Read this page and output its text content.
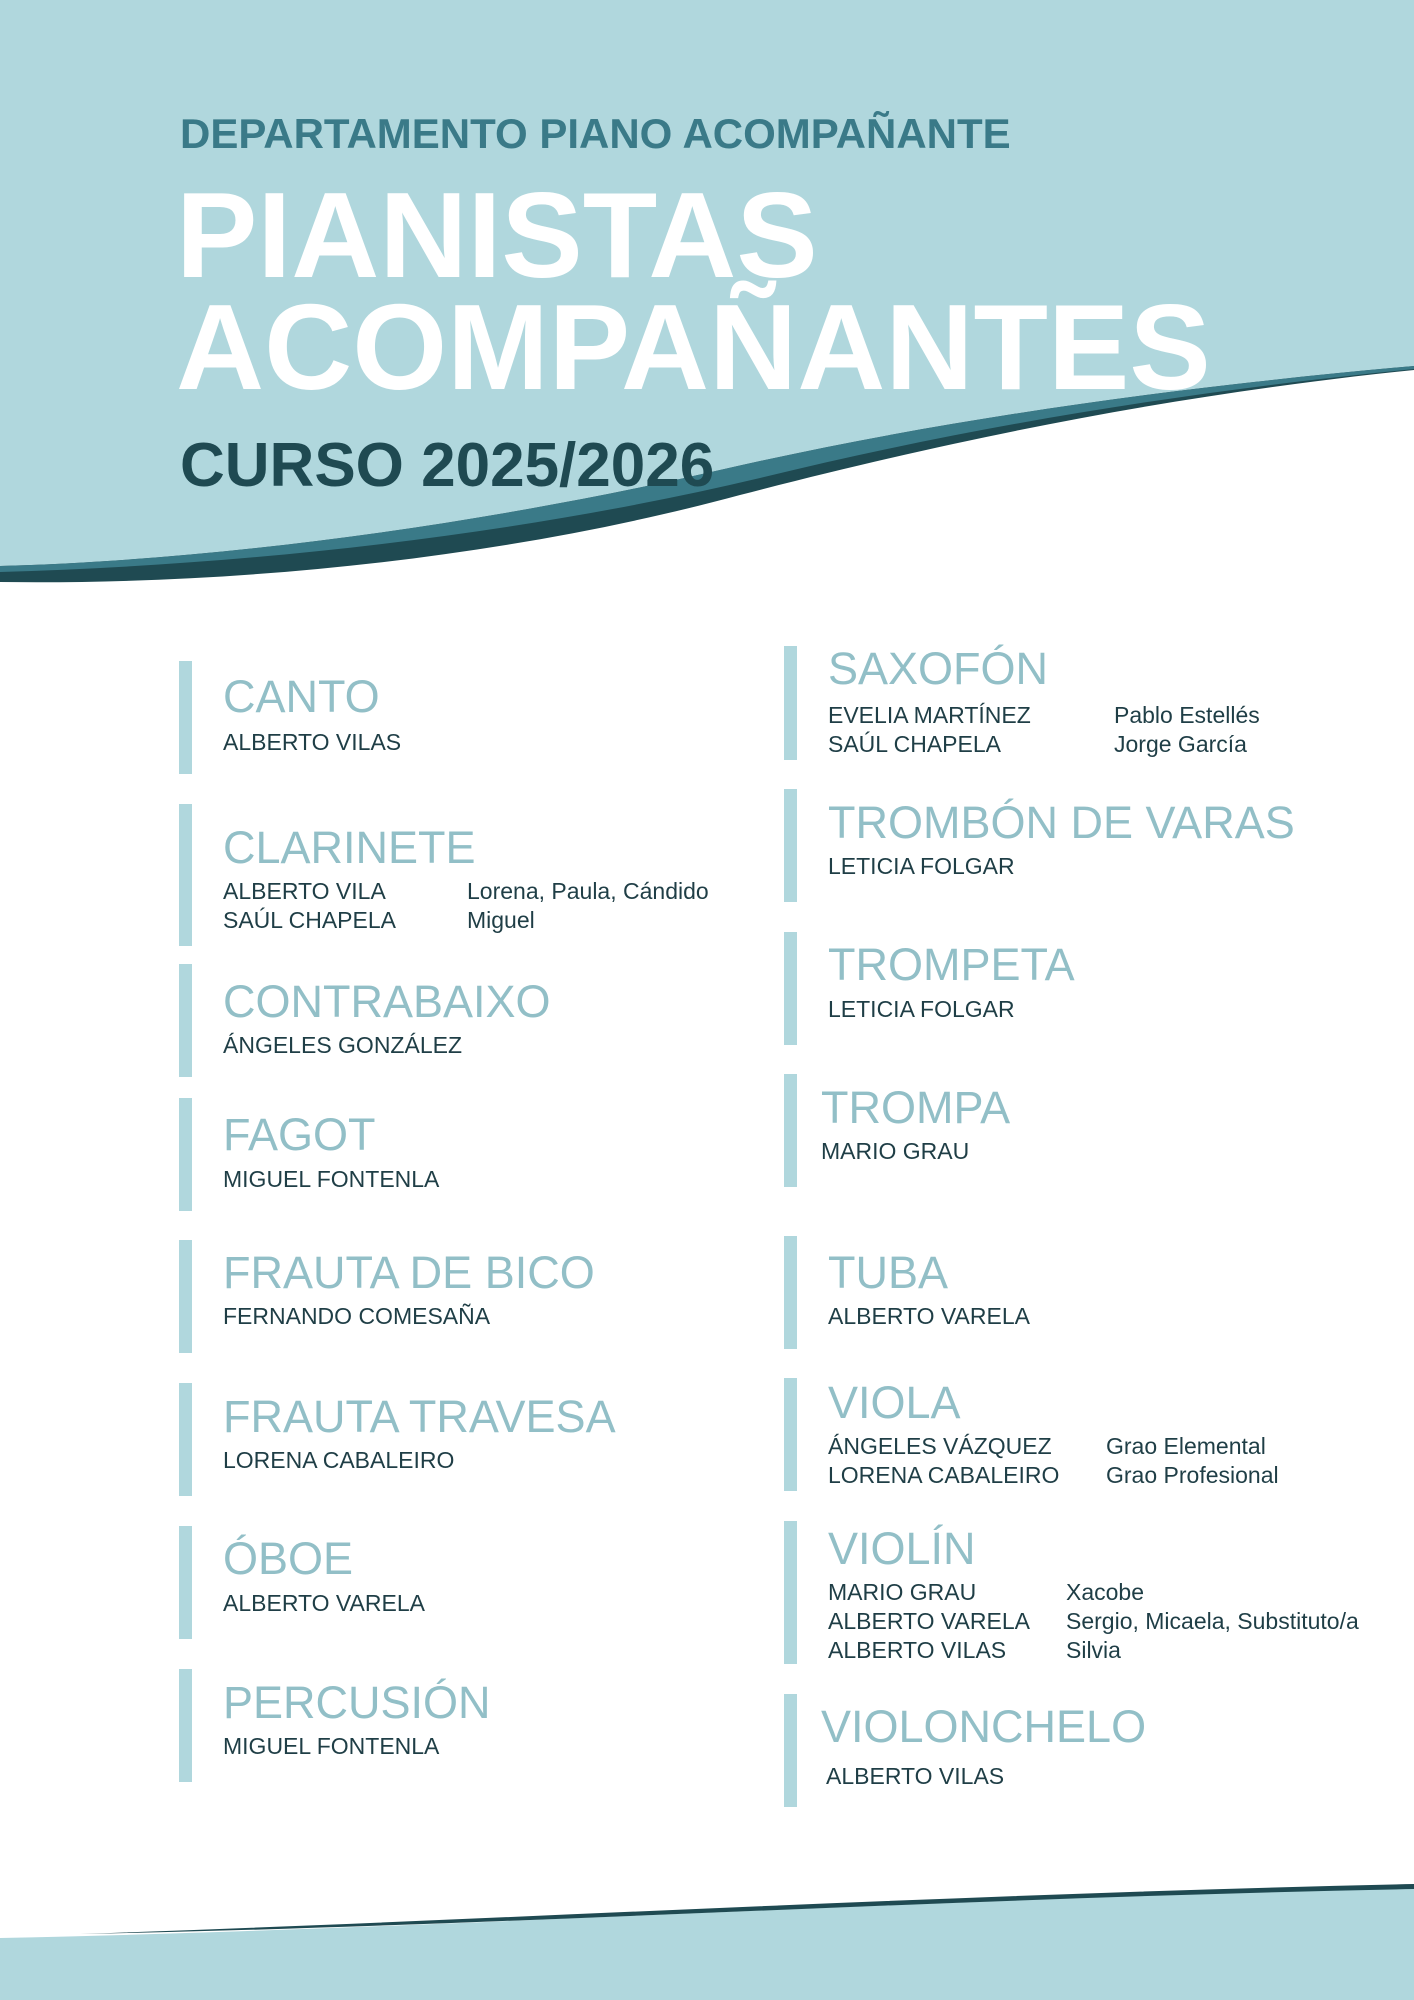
DEPARTAMENTO PIANO ACOMPAÑANTE
PIANISTAS
ACOMPAÑANTES
CURSO 2025/2026
CANTO
ALBERTO VILAS
CLARINETE
ALBERTO VILA	Lorena, Paula, Cándido
SAÚL CHAPELA	Miguel
CONTRABAIXO
ÁNGELES GONZÁLEZ
FAGOT
MIGUEL FONTENLA
FRAUTA DE BICO
FERNANDO COMESAÑA
FRAUTA TRAVESA
LORENA CABALEIRO
ÓBOE
ALBERTO VARELA
PERCUSIÓN
MIGUEL FONTENLA
SAXOFÓN
EVELIA MARTÍNEZ	Pablo Estellés
SAÚL CHAPELA	Jorge García
TROMBÓN DE VARAS
LETICIA FOLGAR
TROMPETA
LETICIA FOLGAR
TROMPA
MARIO GRAU
TUBA
ALBERTO VARELA
VIOLA
ÁNGELES VÁZQUEZ	Grao Elemental
LORENA CABALEIRO	Grao Profesional
VIOLÍN
MARIO GRAU	Xacobe
ALBERTO VARELA	Sergio, Micaela, Substituto/a
ALBERTO VILAS	Silvia
VIOLONCHELO
ALBERTO VILAS
